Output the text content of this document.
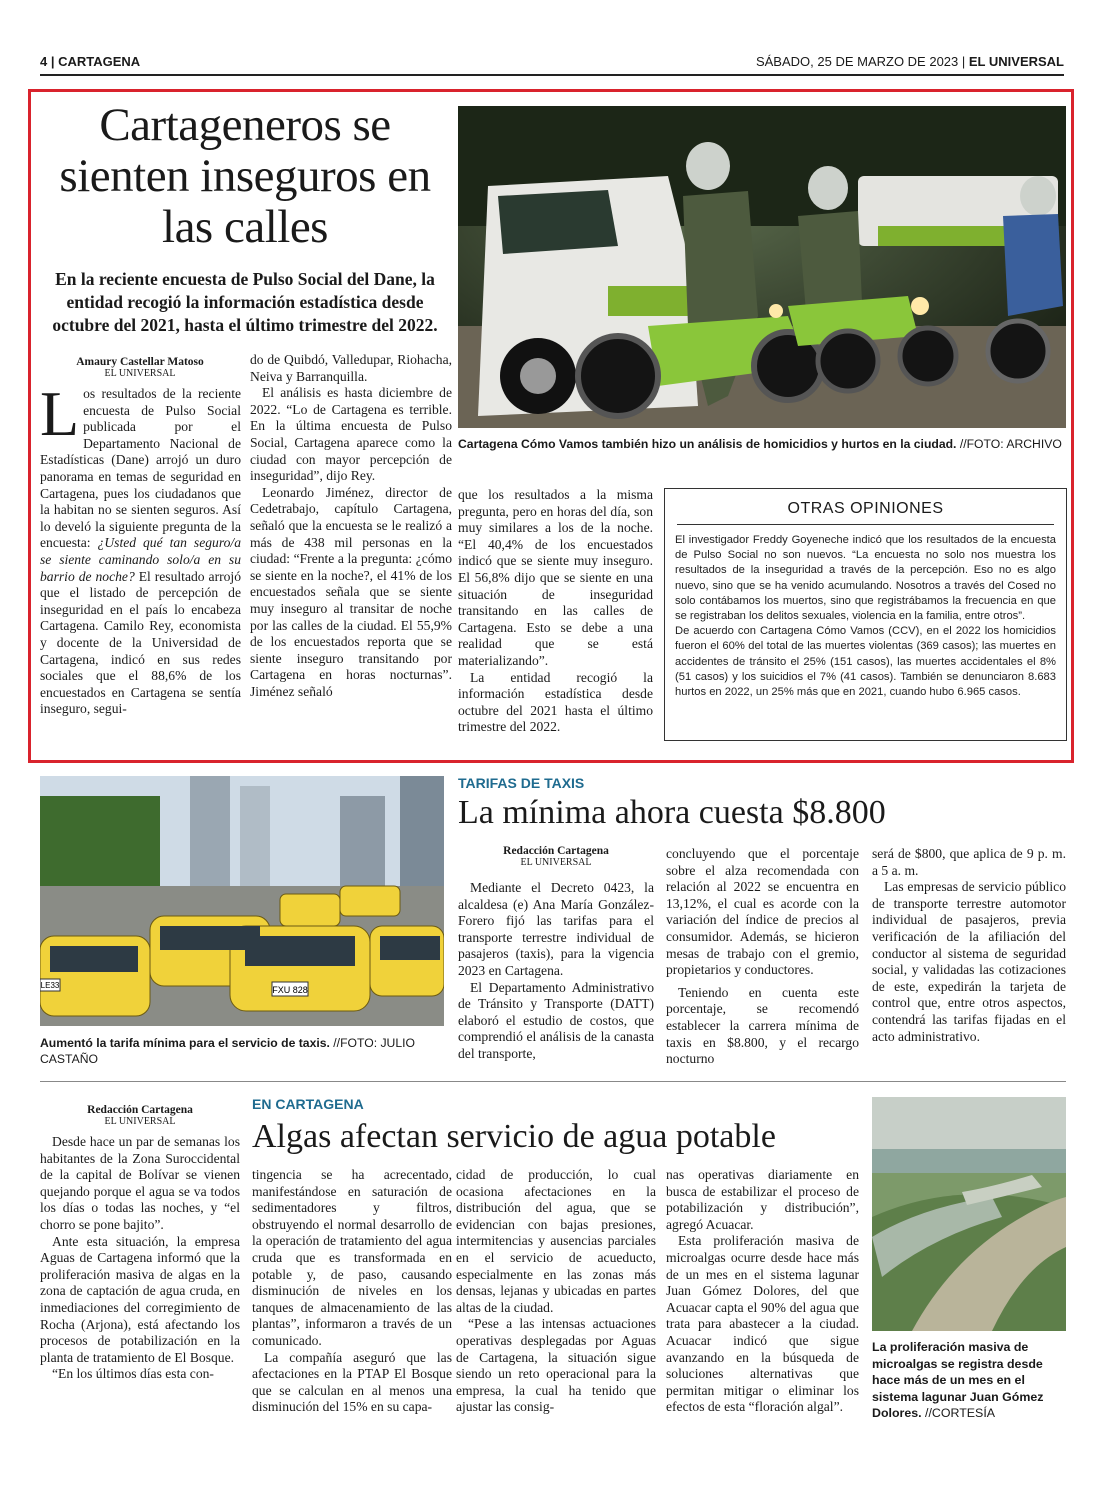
4 | CARTAGENA	SÁBADO, 25 DE MARZO DE 2023 | EL UNIVERSAL
Cartageneros se sienten inseguros en las calles
En la reciente encuesta de Pulso Social del Dane, la entidad recogió la información estadística desde octubre del 2021, hasta el último trimestre del 2022.
Cartagena Cómo Vamos también hizo un análisis de homicidios y hurtos en la ciudad. //FOTO: ARCHIVO
Amaury Castellar Matoso
EL UNIVERSAL

Los resultados de la reciente encuesta de Pulso Social publicada por el Departamento Nacional de Estadísticas (Dane) arrojó un duro panorama en temas de seguridad en Cartagena, pues los ciudadanos que la habitan no se sienten seguros. Así lo develó la siguiente pregunta de la encuesta: ¿Usted qué tan seguro/a se siente caminando solo/a en su barrio de noche? El resultado arrojó que el listado de percepción de inseguridad en el país lo encabeza Cartagena. Camilo Rey, economista y docente de la Universidad de Cartagena, indicó en sus redes sociales que el 88,6% de los encuestados en Cartagena se sentía inseguro, segui-

do de Quibdó, Valledupar, Riohacha, Neiva y Barranquilla.

El análisis es hasta diciembre de 2022. “Lo de Cartagena es terrible. En la última encuesta de Pulso Social, Cartagena aparece como la ciudad con mayor percepción de inseguridad”, dijo Rey.

Leonardo Jiménez, director de Cedetrabajo, capítulo Cartagena, señaló que la encuesta se le realizó a más de 438 mil personas en la ciudad: “Frente a la pregunta: ¿cómo se siente en la noche?, el 41% de los encuestados señala que se siente muy inseguro al transitar de noche por las calles de la ciudad. El 55,9% de los encuestados reporta que se siente inseguro transitando por Cartagena en horas nocturnas”. Jiménez señaló

que los resultados a la misma pregunta, pero en horas del día, son muy similares a los de la noche. “El 40,4% de los encuestados indicó que se siente muy inseguro. El 56,8% dijo que se siente en una situación de inseguridad transitando en las calles de Cartagena. Esto se debe a una realidad que se está materializando”.

La entidad recogió la información estadística desde octubre del 2021 hasta el último trimestre del 2022.

OTRAS OPINIONES

El investigador Freddy Goyeneche indicó que los resultados de la encuesta de Pulso Social no son nuevos. “La encuesta no solo nos muestra los resultados de la inseguridad a través de la percepción. Eso no es algo nuevo, sino que se ha venido acumulando. Nosotros a través del Cosed no solo contábamos los muertos, sino que registrábamos la frecuencia en que se registraban los delitos sexuales, violencia en la familia, entre otros”.

De acuerdo con Cartagena Cómo Vamos (CCV), en el 2022 los homicidios fueron el 60% del total de las muertes violentas (369 casos); las muertes en accidentes de tránsito el 25% (151 casos), las muertes accidentales el 8% (51 casos) y los suicidios el 7% (41 casos). También se denunciaron 8.683 hurtos en 2022, un 25% más que en 2021, cuando hubo 6.965 casos.

FXU 828
LE33
Aumentó la tarifa mínima para el servicio de taxis. //FOTO: JULIO CASTAÑO
TARIFAS DE TAXIS
La mínima ahora cuesta $8.800
Redacción Cartagena
EL UNIVERSAL

Mediante el Decreto 0423, la alcaldesa (e) Ana María González-Forero fijó las tarifas para el transporte terrestre individual de pasajeros (taxis), para la vigencia 2023 en Cartagena.

El Departamento Administrativo de Tránsito y Transporte (DATT) elaboró el estudio de costos, que comprendió el análisis de la canasta del transporte,

concluyendo que el porcentaje sobre el alza recomendada con relación al 2022 se encuentra en 13,12%, el cual es acorde con la variación del índice de precios al consumidor. Además, se hicieron mesas de trabajo con el gremio, propietarios y conductores.

Teniendo en cuenta este porcentaje, se recomendó establecer la carrera mínima de taxis en $8.800, y el recargo nocturno

será de $800, que aplica de 9 p. m. a 5 a. m.

Las empresas de servicio público de transporte terrestre automotor individual de pasajeros, previa verificación de la afiliación del conductor al sistema de seguridad social, y validadas las cotizaciones de este, expedirán la tarjeta de control que, entre otros aspectos, contendrá las tarifas fijadas en el acto administrativo.

Redacción Cartagena
EL UNIVERSAL
EN CARTAGENA
Algas afectan servicio de agua potable

Desde hace un par de semanas los habitantes de la Zona Suroccidental de la capital de Bolívar se vienen quejando porque el agua se va todos los días o todas las noches, y “el chorro se pone bajito”.

Ante esta situación, la empresa Aguas de Cartagena informó que la proliferación masiva de algas en la zona de captación de agua cruda, en inmediaciones del corregimiento de Rocha (Arjona), está afectando los procesos de potabilización en la planta de tratamiento de El Bosque.

“En los últimos días esta con-

tingencia se ha acrecentado, manifestándose en saturación de sedimentadores y filtros, obstruyendo el normal desarrollo de la operación de tratamiento del agua cruda que es transformada en potable y, de paso, causando disminución de niveles en los tanques de almacenamiento de las plantas”, informaron a través de un comunicado.

La compañía aseguró que las afectaciones en la PTAP El Bosque que se calculan en al menos una disminución del 15% en su capa-

cidad de producción, lo cual ocasiona afectaciones en la distribución del agua, que se evidencian con bajas presiones, intermitencias y ausencias parciales en el servicio de acueducto, especialmente en las zonas más densas, lejanas y ubicadas en partes altas de la ciudad.

“Pese a las intensas actuaciones operativas desplegadas por Aguas de Cartagena, la situación sigue siendo un reto operacional para la empresa, la cual ha tenido que ajustar las consig-

nas operativas diariamente en busca de estabilizar el proceso de potabilización y distribución”, agregó Acuacar.

Esta proliferación masiva de microalgas ocurre desde hace más de un mes en el sistema lagunar Juan Gómez Dolores, del que Acuacar capta el 90% del agua que trata para abastecer a la ciudad. Acuacar indicó que sigue avanzando en la búsqueda de soluciones alternativas que permitan mitigar o eliminar los efectos de esta “floración algal”.

La proliferación masiva de microalgas se registra desde hace más de un mes en el sistema lagunar Juan Gómez Dolores. //CORTESÍA
